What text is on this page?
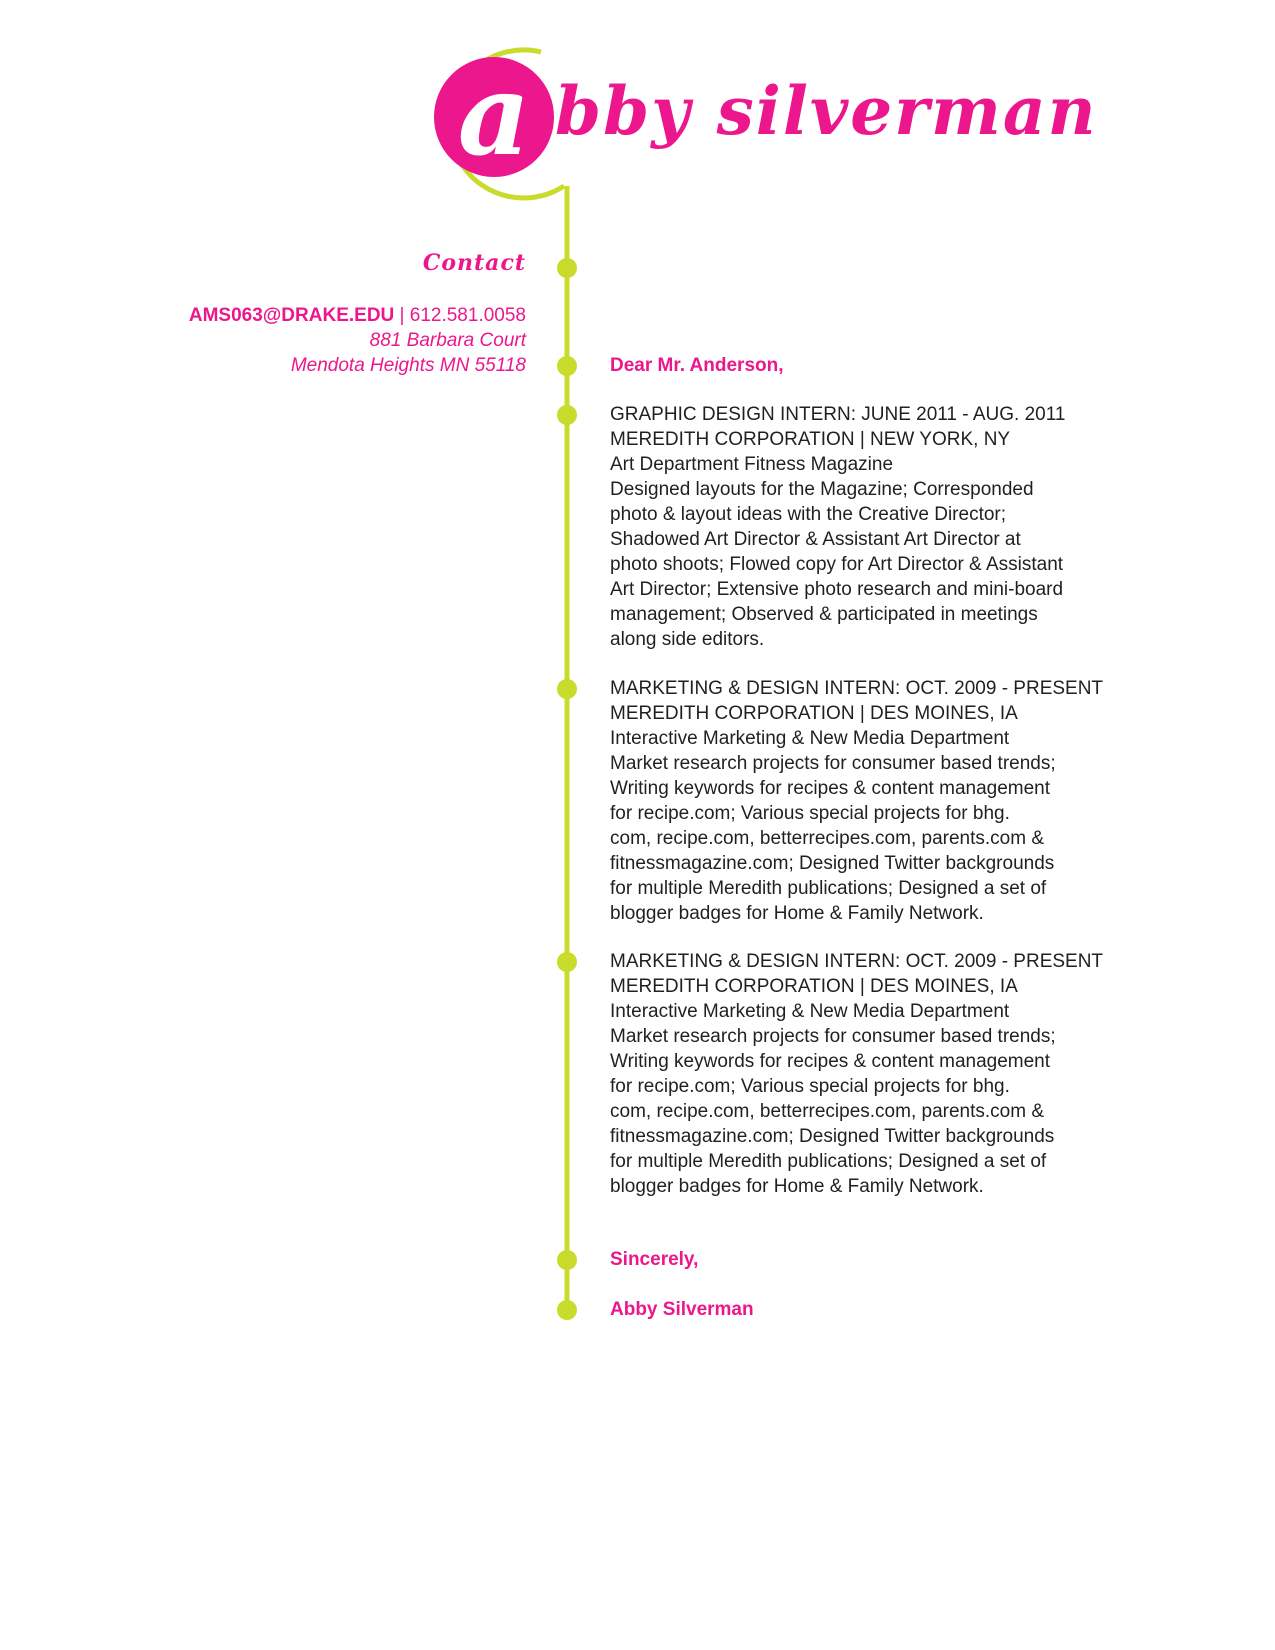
a bby silverman
Contact
AMS063@DRAKE.EDU | 612.581.0058
881 Barbara Court
Mendota Heights MN 55118	Dear Mr. Anderson,
GRAPHIC DESIGN INTERN: JUNE 2011 - AUG. 2011
MEREDITH CORPORATION | NEW YORK, NY
Art Department Fitness Magazine
Designed layouts for the Magazine; Corresponded
photo & layout ideas with the Creative Director;
Shadowed Art Director & Assistant Art Director at
photo shoots; Flowed copy for Art Director & Assistant
Art Director; Extensive photo research and mini-board
management; Observed & participated in meetings
along side editors.
MARKETING & DESIGN INTERN: OCT. 2009 - PRESENT
MEREDITH CORPORATION | DES MOINES, IA
Interactive Marketing & New Media Department
Market research projects for consumer based trends;
Writing keywords for recipes & content management
for recipe.com; Various special projects for bhg.
com, recipe.com, betterrecipes.com, parents.com &
fitnessmagazine.com; Designed Twitter backgrounds
for multiple Meredith publications; Designed a set of
blogger badges for Home & Family Network.
MARKETING & DESIGN INTERN: OCT. 2009 - PRESENT
MEREDITH CORPORATION | DES MOINES, IA
Interactive Marketing & New Media Department
Market research projects for consumer based trends;
Writing keywords for recipes & content management
for recipe.com; Various special projects for bhg.
com, recipe.com, betterrecipes.com, parents.com &
fitnessmagazine.com; Designed Twitter backgrounds
for multiple Meredith publications; Designed a set of
blogger badges for Home & Family Network.
Sincerely,
Abby Silverman
